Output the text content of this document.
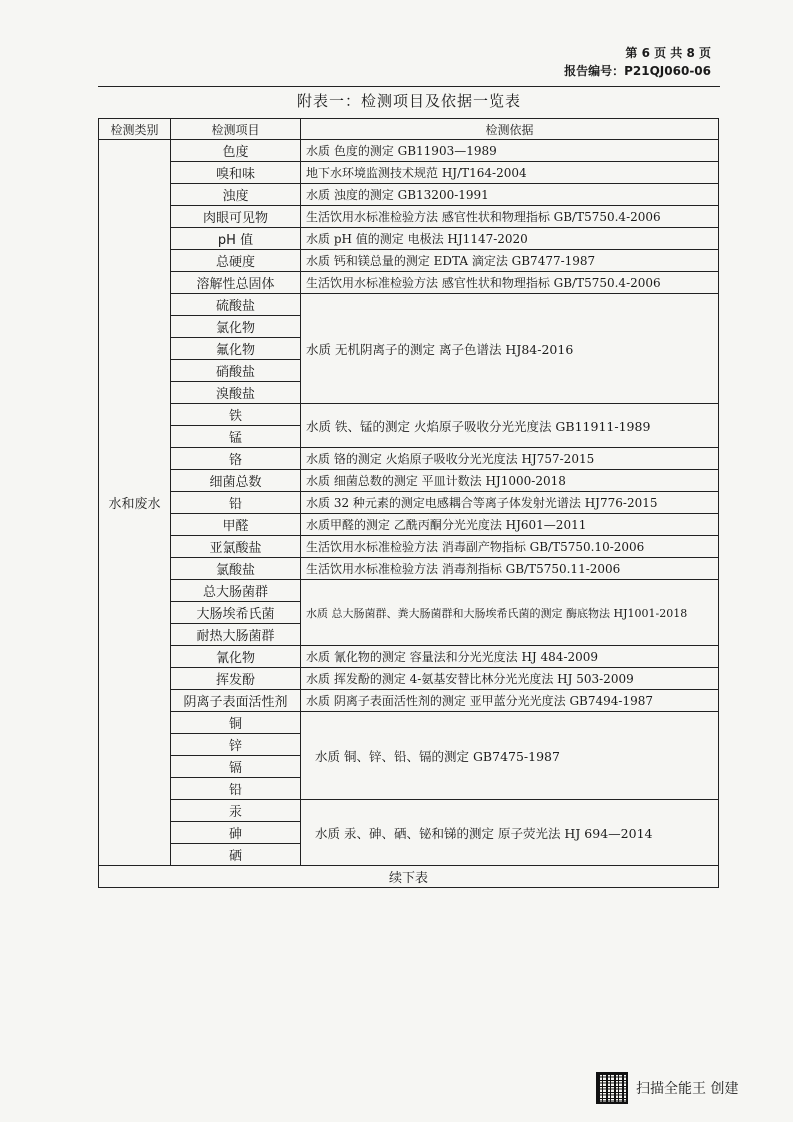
第 6 页 共 8 页
报告编号：P21QJ060-06
附表一：检测项目及依据一览表
检测类别	检测项目	检测依据
水和废水	色度	水质 色度的测定 GB11903—1989
	嗅和味	地下水环境监测技术规范 HJ/T164-2004
	浊度	水质 浊度的测定 GB13200-1991
	肉眼可见物	生活饮用水标准检验方法 感官性状和物理指标 GB/T5750.4-2006
	pH 值	水质 pH 值的测定 电极法 HJ1147-2020
	总硬度	水质 钙和镁总量的测定 EDTA 滴定法 GB7477-1987
	溶解性总固体	生活饮用水标准检验方法 感官性状和物理指标 GB/T5750.4-2006
	硫酸盐	水质 无机阴离子的测定 离子色谱法 HJ84-2016
	氯化物	
	氟化物	
	硝酸盐	
	溴酸盐	
	铁	水质 铁、锰的测定 火焰原子吸收分光光度法 GB11911-1989
	锰	
	铬	水质 铬的测定 火焰原子吸收分光光度法 HJ757-2015
	细菌总数	水质 细菌总数的测定 平皿计数法 HJ1000-2018
	铅	水质 32 种元素的测定电感耦合等离子体发射光谱法 HJ776-2015
	甲醛	水质甲醛的测定 乙酰丙酮分光光度法 HJ601—2011
	亚氯酸盐	生活饮用水标准检验方法 消毒副产物指标 GB/T5750.10-2006
	氯酸盐	生活饮用水标准检验方法 消毒剂指标 GB/T5750.11-2006
	总大肠菌群	水质 总大肠菌群、粪大肠菌群和大肠埃希氏菌的测定 酶底物法 HJ1001-2018
	大肠埃希氏菌	
	耐热大肠菌群	
	氰化物	水质 氰化物的测定 容量法和分光光度法 HJ 484-2009
	挥发酚	水质 挥发酚的测定 4-氨基安替比林分光光度法 HJ 503-2009
	阴离子表面活性剂	水质 阴离子表面活性剂的测定 亚甲蓝分光光度法 GB7494-1987
	铜	水质 铜、锌、铅、镉的测定 GB7475-1987
	锌	
	镉	
	铅	
	汞	水质 汞、砷、硒、铋和锑的测定 原子荧光法 HJ 694—2014
	砷	
	硒	
续下表		
扫描全能王 创建
